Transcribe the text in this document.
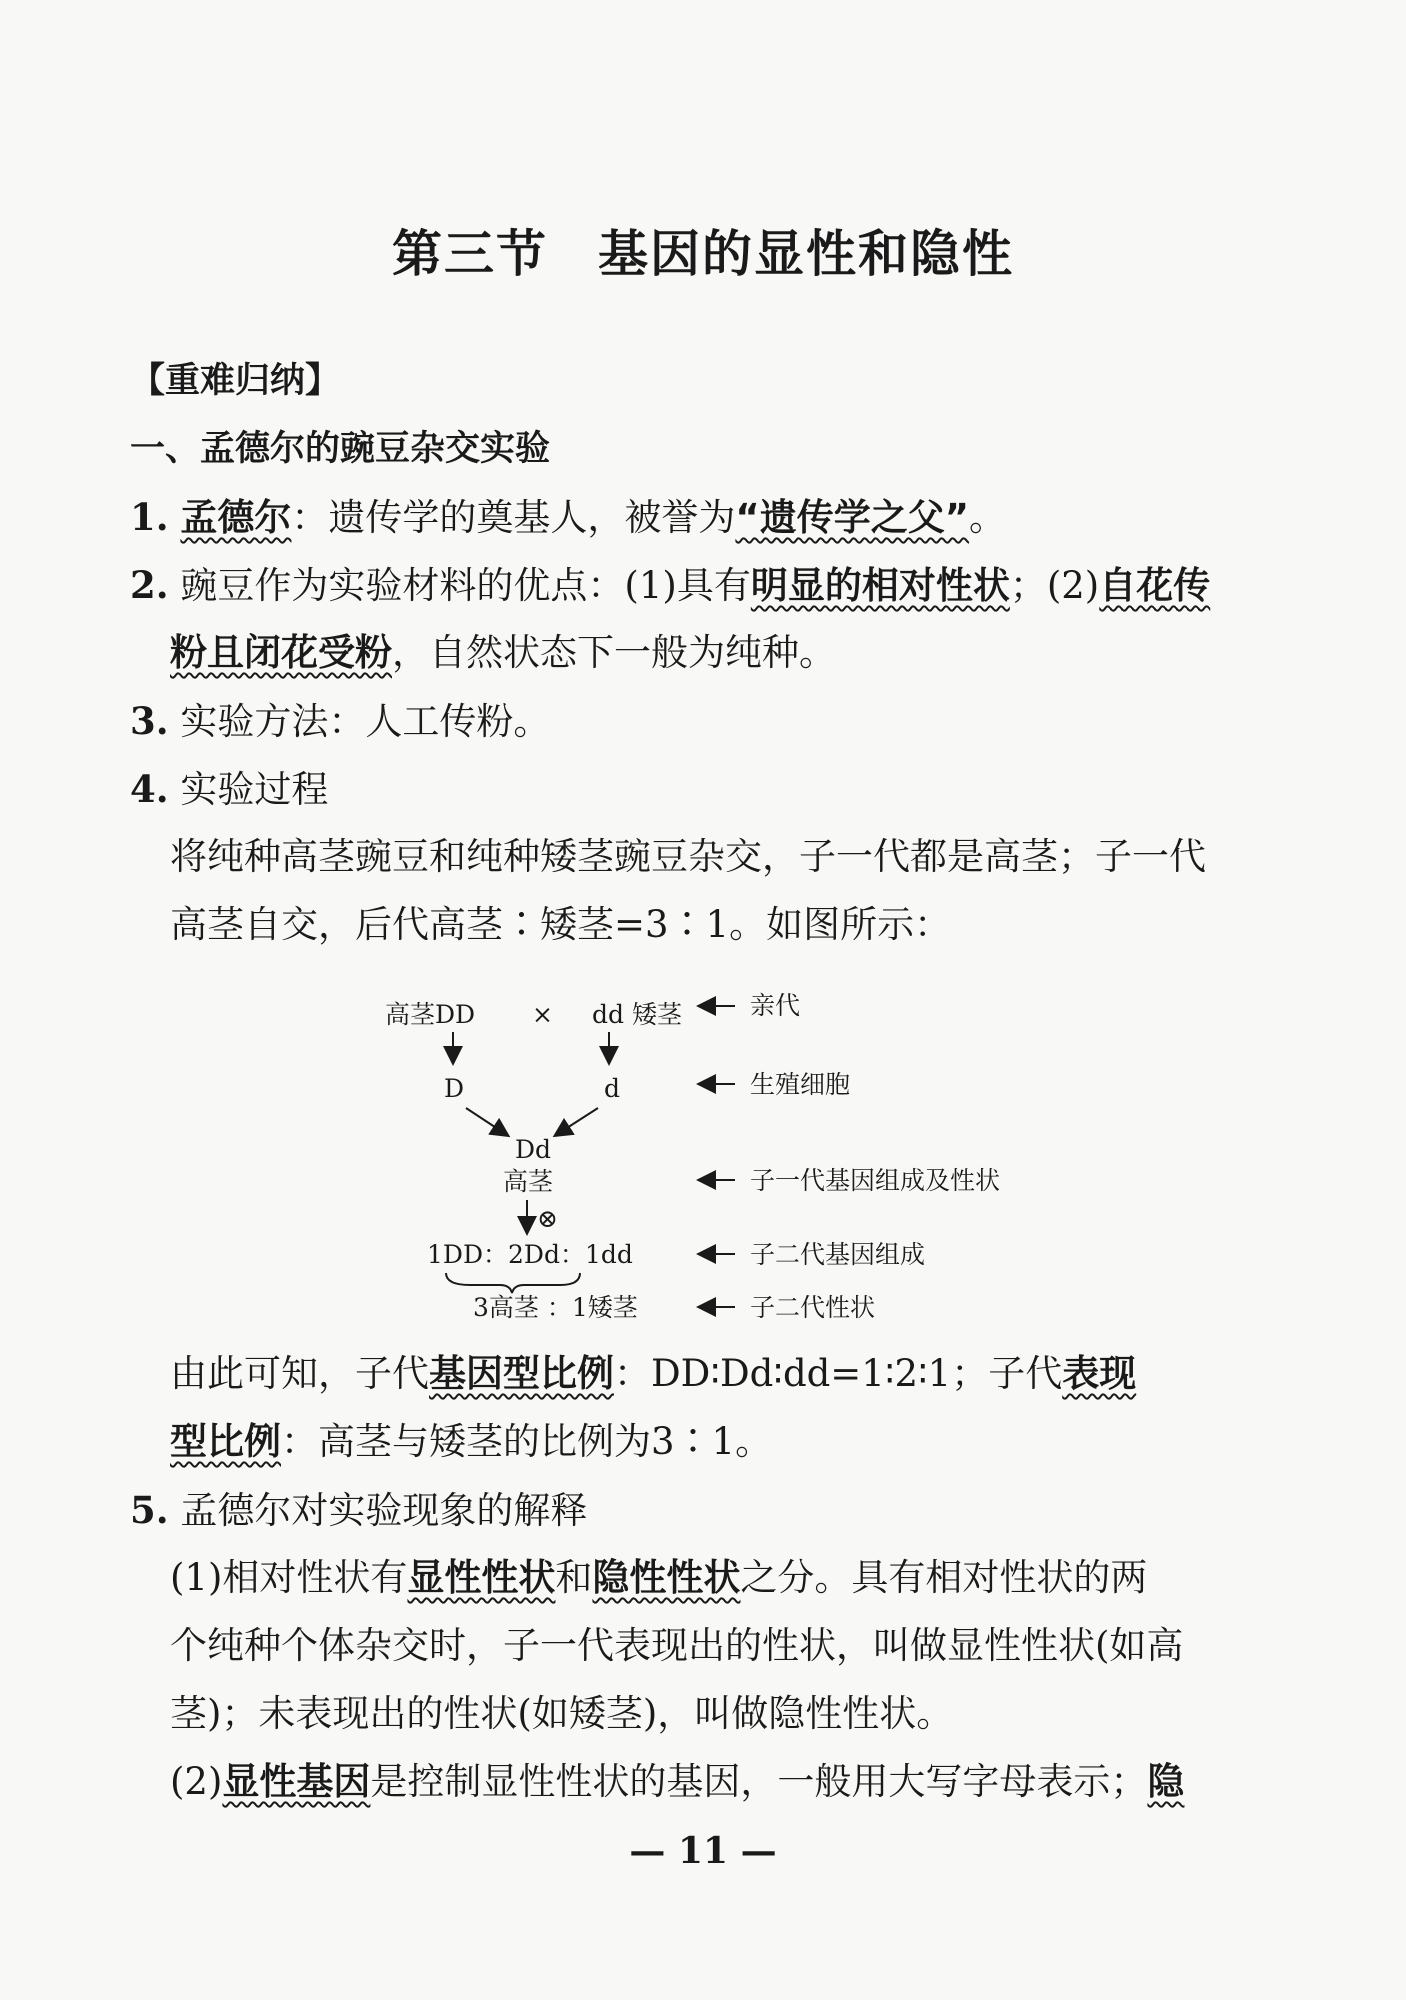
第三节 基因的显性和隐性
【重难归纳】
一、孟德尔的豌豆杂交实验
1. 孟德尔：遗传学的奠基人，被誉为“遗传学之父”。
2. 豌豆作为实验材料的优点：(1)具有明显的相对性状；(2)自花传
粉且闭花受粉，自然状态下一般为纯种。
3. 实验方法：人工传粉。
4. 实验过程
将纯种高茎豌豆和纯种矮茎豌豆杂交，子一代都是高茎；子一代
高茎自交，后代高茎∶矮茎=3∶1。如图所示：
高茎DD × dd 矮茎
D	d
Dd
高茎
⊗
1DD：2Dd：1dd
3高茎 ：1矮茎
亲代
生殖细胞
子一代基因组成及性状
子二代基因组成
子二代性状
由此可知，子代基因型比例：DD∶Dd∶dd=1∶2∶1；子代表现
型比例：高茎与矮茎的比例为3∶1。
5. 孟德尔对实验现象的解释
(1)相对性状有显性性状和隐性性状之分。具有相对性状的两
个纯种个体杂交时，子一代表现出的性状，叫做显性性状(如高
茎)；未表现出的性状(如矮茎)，叫做隐性性状。
(2)显性基因是控制显性性状的基因，一般用大写字母表示；隐
— 11 —
